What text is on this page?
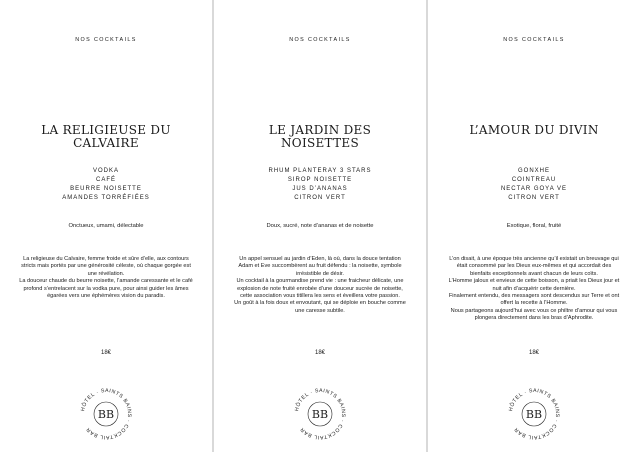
NOS COCKTAILS
LA RELIGIEUSE DU CALVAIRE
VODKA
CAFÉ
BEURRE NOISETTE
AMANDES TORRÉFIÉES
Onctueux, umami, délectable

La religieuse du Calvaire, femme froide et sûre d’elle, aux contours stricts mais portés par une générosité céleste, où chaque gorgée est une révélation.
La douceur chaude du beurre noisette, l’amande caressante et le café profond s’entrelacent sur la vodka pure, pour ainsi guider les âmes égarées vers une éphémères vision du paradis.

18€
HÔTEL · SAINTS BAINS · COCKTAIL BAR
BB
NOS COCKTAILS
LE JARDIN DES NOISETTES
RHUM PLANTERAY 3 STARS
SIROP NOISETTE
JUS D’ANANAS
CITRON VERT
Doux, sucré, note d’ananas et de noisette

Un appel sensuel au jardin d’Eden, là où, dans la douce tentation Adam et Eve succombèrent au fruit défendu : la noisette, symbole irrésistible de désir.
Un cocktail à la gourmandise prend vie : une fraicheur délicate, une explosion de note fruité enrobée d’une douceur sucrée de noisette, cette association vous titillera les sens et éveillera votre passion.
Un goût à la fois doux et envoutant, qui se déploie en bouche comme une caresse subtile.

18€
HÔTEL · SAINTS BAINS · COCKTAIL BAR
BB
NOS COCKTAILS
L’AMOUR DU DIVIN
GONXHE
COINTREAU
NECTAR GOYA VE
CITRON VERT
Exotique, floral, fruité

L’on disait, à une époque très ancienne qu’il existait un breuvage qui était consommé par les Dieux eux-mêmes et qui accordait des bienfaits exceptionnels avant chacun de leurs coïts.
L’Homme jaloux et envieux de cette boisson, a priait les Dieux jour et nuit afin d’acquérir cette dernière.
Finalement entendu, des messagers sont descendus sur Terre et ont offert la recette à l’Homme.
Nous partageons aujourd’hui avec vous ce philtre d’amour qui vous plongera directement dans les bras d’Aphrodite.

18€
HÔTEL · SAINTS BAINS · COCKTAIL BAR
BB
